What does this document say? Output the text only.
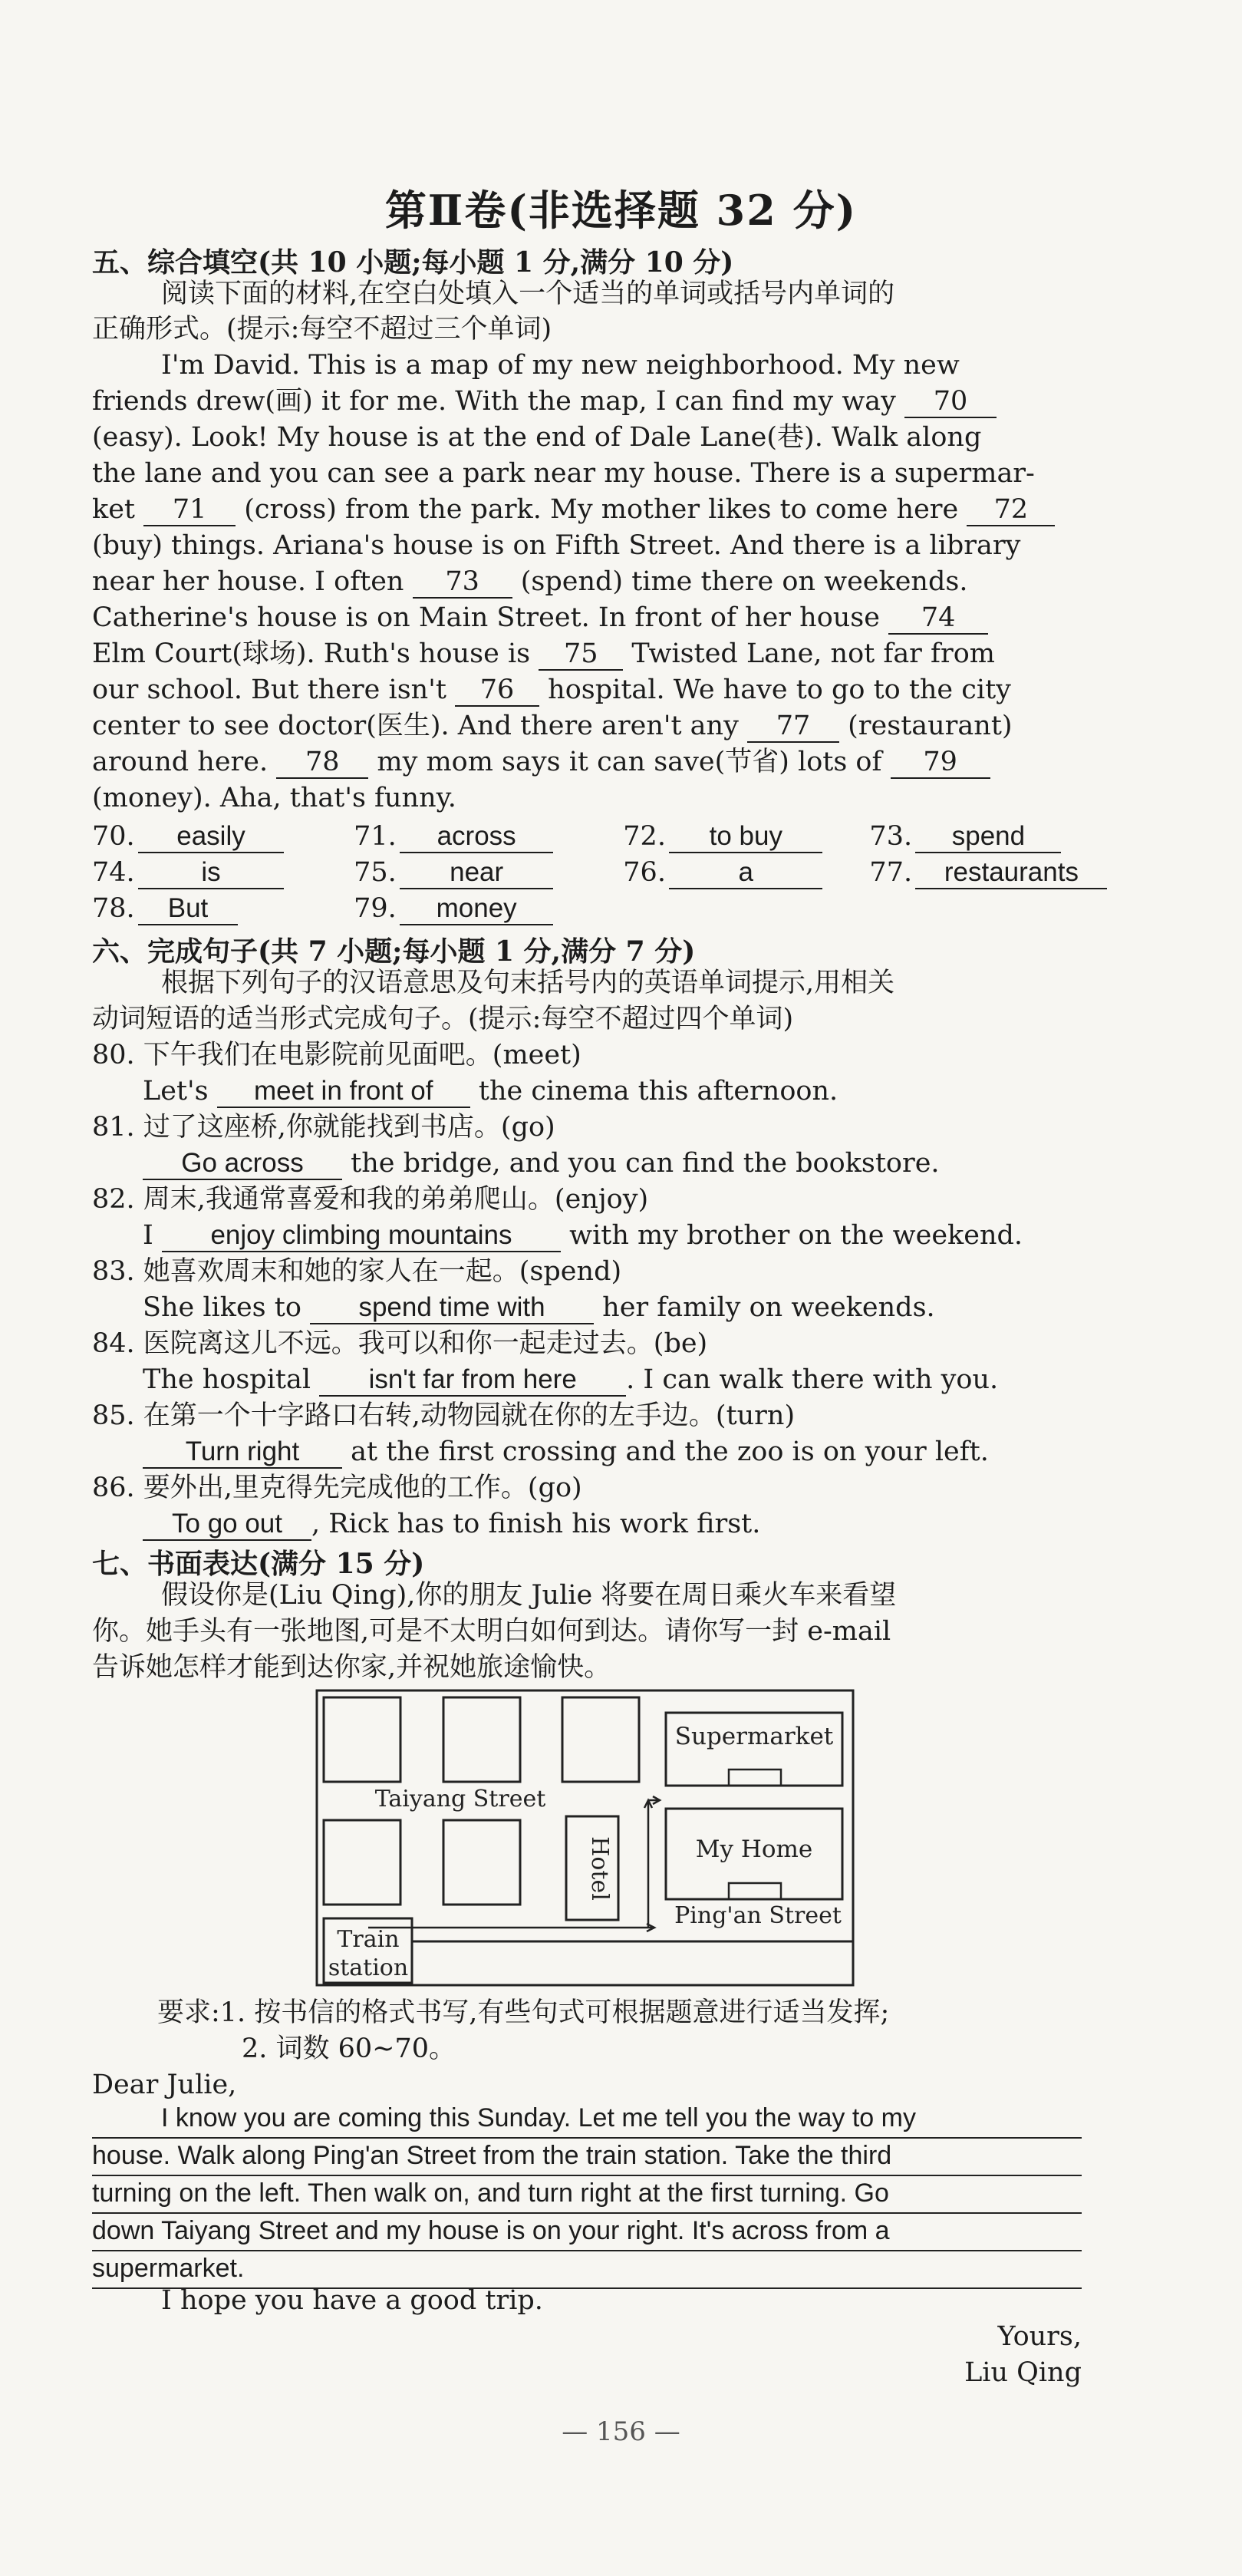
第Ⅱ卷(非选择题 32 分)
五、综合填空(共 10 小题;每小题 1 分,满分 10 分)
阅读下面的材料,在空白处填入一个适当的单词或括号内单词的
正确形式。(提示:每空不超过三个单词)
I'm David. This is a map of my new neighborhood. My new
friends drew(画) it for me. With the map, I can find my way 70
(easy). Look! My house is at the end of Dale Lane(巷). Walk along
the lane and you can see a park near my house. There is a supermar-
ket 71 (cross) from the park. My mother likes to come here 72
(buy) things. Ariana's house is on Fifth Street. And there is a library
near her house. I often 73 (spend) time there on weekends.
Catherine's house is on Main Street. In front of her house 74
Elm Court(球场). Ruth's house is 75 Twisted Lane, not far from
our school. But there isn't 76 hospital. We have to go to the city
center to see doctor(医生). And there aren't any 77 (restaurant)
around here. 78 my mom says it can save(节省) lots of 79
(money). Aha, that's funny.
70. easily	71. across	72. to buy	73. spend
74. is	75. near	76.	a	77. restaurants
78. But	79. money
六、完成句子(共 7 小题;每小题 1 分,满分 7 分)
根据下列句子的汉语意思及句末括号内的英语单词提示,用相关
动词短语的适当形式完成句子。(提示:每空不超过四个单词)
80. 下午我们在电影院前见面吧。(meet)
Let's meet in front of the cinema this afternoon.
81. 过了这座桥,你就能找到书店。(go)
Go across the bridge, and you can find the bookstore.
82. 周末,我通常喜爱和我的弟弟爬山。(enjoy)
I enjoy climbing mountains with my brother on the weekend.
83. 她喜欢周末和她的家人在一起。(spend)
She likes to spend time with her family on weekends.
84. 医院离这儿不远。我可以和你一起走过去。(be)
The hospital isn't far from here . I can walk there with you.
85. 在第一个十字路口右转,动物园就在你的左手边。(turn)
Turn right at the first crossing and the zoo is on your left.
86. 要外出,里克得先完成他的工作。(go)
To go out , Rick has to finish his work first.
七、书面表达(满分 15 分)
假设你是(Liu Qing),你的朋友 Julie 将要在周日乘火车来看望
你。她手头有一张地图,可是不太明白如何到达。请你写一封 e-mail
告诉她怎样才能到达你家,并祝她旅途愉快。
Supermarket
Taiyang Street
Hotel	My Home
Ping'an Street
Train
station
要求:1. 按书信的格式书写,有些句式可根据题意进行适当发挥;
2. 词数 60~70。
Dear Julie,
I know you are coming this Sunday. Let me tell you the way to my
house. Walk along Ping'an Street from the train station. Take the third
turning on the left. Then walk on, and turn right at the first turning. Go
down Taiyang Street and my house is on your right. It's across from a
supermarket.
I hope you have a good trip.
Yours,
Liu Qing
— 156 —
